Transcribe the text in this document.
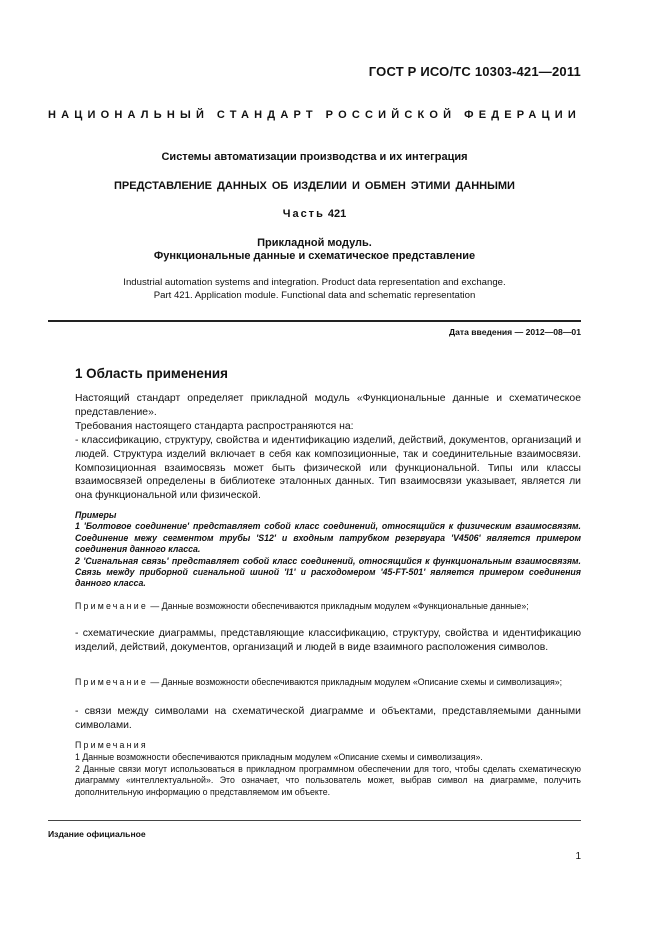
ГОСТ Р ИСО/ТС 10303-421—2011
НАЦИОНАЛЬНЫЙ СТАНДАРТ РОССИЙСКОЙ ФЕДЕРАЦИИ
Системы автоматизации производства и их интеграция
ПРЕДСТАВЛЕНИЕ ДАННЫХ ОБ ИЗДЕЛИИ И ОБМЕН ЭТИМИ ДАННЫМИ
Часть 421
Прикладной модуль.
Функциональные данные и схематическое представление
Industrial automation systems and integration. Product data representation and exchange.
Part 421. Application module. Functional data and schematic representation
Дата введения — 2012—08—01
1 Область применения

Настоящий стандарт определяет прикладной модуль «Функциональные данные и схематическое представление».

Требования настоящего стандарта распространяются на:

- классификацию, структуру, свойства и идентификацию изделий, действий, документов, организаций и людей. Структура изделий включает в себя как композиционные, так и соединительные взаимосвязи. Композиционная взаимосвязь может быть физической или функциональной. Типы или классы взаимосвязей определены в библиотеке эталонных данных. Тип взаимосвязи указывает, является ли она функциональной или физической.

Примеры

1 'Болтовое соединение' представляет собой класс соединений, относящийся к физическим взаимосвязям. Соединение межу сегментом трубы 'S12' и входным патрубком резервуара 'V4506' является примером соединения данного класса.

2 'Сигнальная связь' представляет собой класс соединений, относящийся к функциональным взаимосвязям. Связь между приборной сигнальной шиной 'I1' и расходомером '45-FT-501' является примером соединения данного класса.

Примечание — Данные возможности обеспечиваются прикладным модулем «Функциональные данные»;
- схематические диаграммы, представляющие классификацию, структуру, свойства и идентификацию изделий, действий, документов, организаций и людей в виде взаимного расположения символов.
Примечание — Данные возможности обеспечиваются прикладным модулем «Описание схемы и символизация»;
- связи между символами на схематической диаграмме и объектами, представляемыми данными символами.

Примечания

1 Данные возможности обеспечиваются прикладным модулем «Описание схемы и символизация».

2 Данные связи могут использоваться в прикладном программном обеспечении для того, чтобы сделать схематическую диаграмму «интеллектуальной». Это означает, что пользователь может, выбрав символ на диаграмме, получить дополнительную информацию о представляемом им объекте.

Издание официальное
1
